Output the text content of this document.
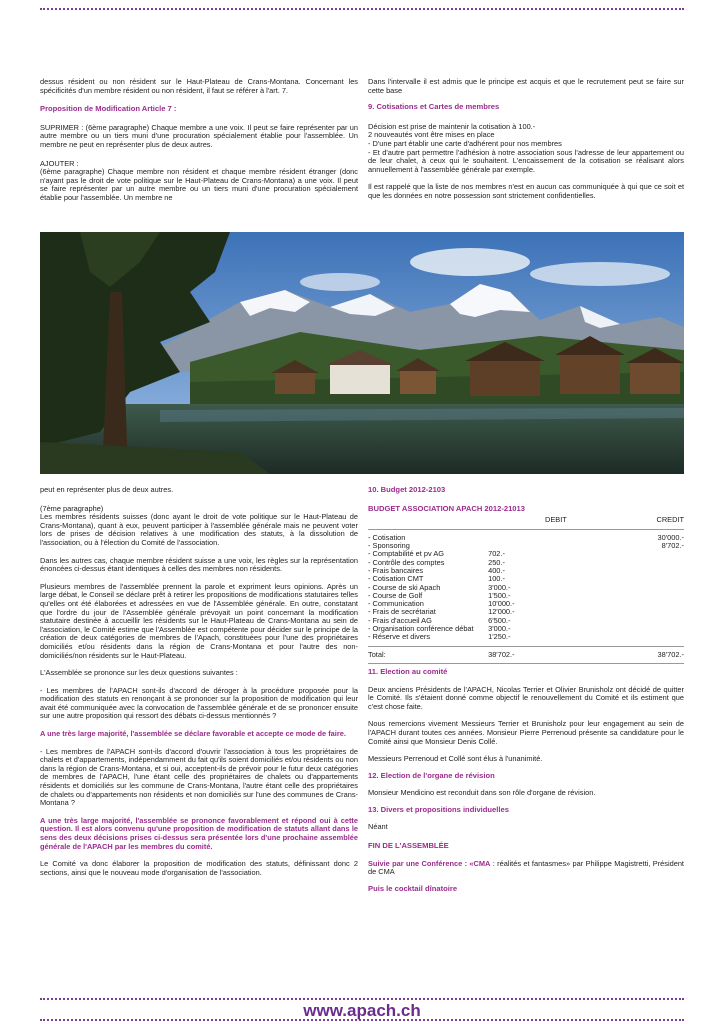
dessus résident ou non résident sur le Haut-Plateau de Crans-Montana. Concernant les spécificités d'un membre résident ou non résident, il faut se référer à l'art. 7.

Proposition de Modification Article 7 :

SUPRIMER : (6ème paragraphe) Chaque membre a une voix. Il peut se faire représenter par un autre membre ou un tiers muni d'une procuration spécialement établie pour l'assemblée. Un membre ne peut en représenter plus de deux autres.

AJOUTER :

(6ème paragraphe) Chaque membre non résident et chaque membre résident étranger (donc n'ayant pas le droit de vote politique sur le Haut-Plateau de Crans-Montana) a une voix. Il peut se faire représenter par un autre membre ou un tiers muni d'une procuration spécialement établie pour l'assemblée. Un membre ne

Dans l'intervalle il est admis que le principe est acquis et que le recrutement peut se faire sur cette base

9. Cotisations et Cartes de membres
Décision est prise de maintenir la cotisation à 100.-
2 nouveautés vont être mises en place
- D'une part établir une carte d'adhérent pour nos membres

- Et d'autre part permettre l'adhésion à notre association sous l'adresse de leur appartement ou de leur chalet, à ceux qui le souhaitent. L'encaissement de la cotisation se réalisant alors annuellement à l'assemblée générale par exemple.

Il est rappelé que la liste de nos membres n'est en aucun cas communiquée à qui que ce soit et que les données en notre possession sont strictement confidentielles.

peut en représenter plus de deux autres.

(7ème paragraphe)

Les membres résidents suisses (donc ayant le droit de vote politique sur le Haut-Plateau de Crans-Montana), quant à eux, peuvent participer à l'assemblée générale mais ne peuvent voter lors de prises de décision relatives à une modification des statuts, à la dissolution de l'association, ou à l'élection du Comité de l'association.

Dans les autres cas, chaque membre résident suisse a une voix, les règles sur la représentation énoncées ci-dessus étant identiques à celles des membres non résidents.

Plusieurs membres de l'assemblée prennent la parole et expriment leurs opinions. Après un large débat, le Conseil se déclare prêt à retirer les propositions de modifications statutaires telles qu'elles ont été élaborées et adressées en vue de l'Assemblée générale. En outre, constatant que l'ordre du jour de l'Assemblée générale prévoyait un point concernant la modification statutaire destinée à accueillir les résidents sur le Haut-Plateau de Crans-Montana au sein de l'association, le Comité estime que l'Assemblée est compétente pour décider sur le principe de la création de deux catégories de membres de l'Apach, constituées pour l'une des propriétaires domiciliés et/ou résidents dans la région de Crans-Montana et pour l'autre des non-domiciliés/non résidents sur le Haut-Plateau.

L'Assemblée se prononce sur les deux questions suivantes :

- Les membres de l'APACH sont-ils d'accord de déroger à la procédure proposée pour la modification des statuts en renonçant à se prononcer sur la proposition de modification qui leur avait été communiquée avec la convocation de l'assemblée générale et de se prononcer ensuite sur une autre proposition qui ressort des débats ci-dessus mentionnés ?

A une très large majorité, l'assemblée se déclare favorable et accepte ce mode de faire.

- Les membres de l'APACH sont-ils d'accord d'ouvrir l'association à tous les propriétaires de chalets et d'appartements, indépendamment du fait qu'ils soient domiciliés et/ou résidents ou non dans la région de Crans-Montana, et si oui, acceptent-ils de prévoir pour le futur deux catégories de membres de l'APACH, l'une étant celle des propriétaires de chalets ou d'appartements résidents et domiciliés sur les commune de Crans-Montana, l'autre étant celle des propriétaires de chalets ou d'appartements non résidents et non domiciliés sur l'une des communes de Crans-Montana ?

A une très large majorité, l'assemblée se prononce favorablement et répond oui à cette question. Il est alors convenu qu'une proposition de modification de statuts allant dans le sens des deux décisions prises ci-dessus sera présentée lors d'une prochaine assemblée générale de l'APACH par les membres du comité.

Le Comité va donc élaborer la proposition de modification des statuts, définissant donc 2 sections, ainsi que le nouveau mode d'organisation de l'association.

10. Budget 2012-2103
BUDGET ASSOCIATION APACH 2012-21013
DEBIT	CREDIT
- Cotisation		30'000.-
- Sponsoring		8'702.-
- Comptabilité et pv AG	702.-	
- Contrôle des comptes	250.-	
- Frais bancaires	400.-	
- Cotisation CMT	100.-	
- Course de ski Apach	3'000.-	
- Course de Golf	1'500.-	
- Communication	10'000.-	
- Frais de secrétariat	12'000.-	
- Frais d'accueil AG	6'500.-	
- Organisation conférence débat	3'000.-	
- Réserve et divers	1'250.-	
Total:	38'702.-	38'702.-
11. Election au comité

Deux anciens Présidents de l'APACH, Nicolas Terrier et Olivier Brunisholz ont décidé de quitter le Comité. Ils s'étaient donné comme objectif le renouvellement du Comité et ils estiment que c'est chose faite.

Nous remercions vivement Messieurs Terrier et Brunisholz pour leur engagement au sein de l'APACH durant toutes ces années. Monsieur Pierre Perrenoud présente sa candidature pour le Comité ainsi que Monsieur Denis Collé.

Messieurs Perrenoud et Collé sont élus à l'unanimité.

12. Election de l'organe de révision

Monsieur Mendicino est reconduit dans son rôle d'organe de révision.

13. Divers et propositions individuelles

Néant

FIN DE L'ASSEMBLÉE

Suivie par une Conférence : «CMA : réalités et fantasmes» par Philippe Magistretti, Président de CMA

Puis le cocktail dînatoire
www.apach.ch
